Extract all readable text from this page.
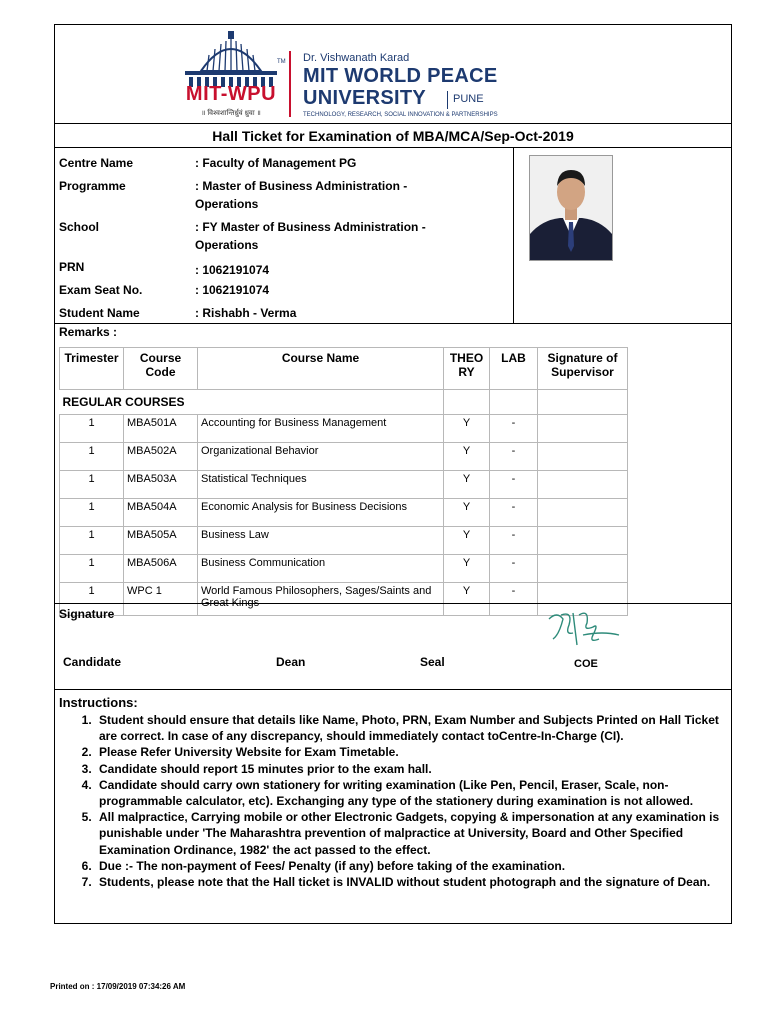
TM
MIT-WPU
॥ विश्वशान्तिर्ध्रुवं ध्रुवा ॥
Dr. Vishwanath Karad
MIT WORLD PEACE
UNIVERSITY PUNE
TECHNOLOGY, RESEARCH, SOCIAL INNOVATION & PARTNERSHIPS
Hall Ticket for Examination of MBA/MCA/Sep-Oct-2019
Centre Name	: Faculty of Management PG
Programme	: Master of Business Administration - Operations
School	: FY Master of Business Administration - Operations
PRN	: 1062191074
Exam Seat No.	: 1062191074
Student Name	: Rishabh - Verma
Remarks :
Trimester	Course Code	Course Name	THEORY	LAB	Signature of Supervisor
REGULAR COURSES					
1	MBA501A	Accounting for Business Management	Y	-	
1	MBA502A	Organizational Behavior	Y	-	
1	MBA503A	Statistical Techniques	Y	-	
1	MBA504A	Economic Analysis for Business Decisions	Y	-	
1	MBA505A	Business Law	Y	-	
1	MBA506A	Business Communication	Y	-	
1	WPC 1	World Famous Philosophers, Sages/Saints and Great Kings	Y	-	
Signature
Candidate	Dean	Seal	COE
Instructions:
1. Student should ensure that details like Name, Photo, PRN, Exam Number and Subjects Printed on Hall Ticket are correct. In case of any discrepancy, should immediately contact toCentre-In-Charge (CI).
2. Please Refer University Website for Exam Timetable.
3. Candidate should report 15 minutes prior to the exam hall.
4. Candidate should carry own stationery for writing examination (Like Pen, Pencil, Eraser, Scale, non-programmable calculator, etc). Exchanging any type of the stationery during examination is not allowed.
5. All malpractice, Carrying mobile or other Electronic Gadgets, copying & impersonation at any examination is punishable under 'The Maharashtra prevention of malpractice at University, Board and Other Specified Examination Ordinance, 1982' the act passed to the effect.
6. Due :- The non-payment of Fees/ Penalty (if any) before taking of the examination.
7. Students, please note that the Hall ticket is INVALID without student photograph and the signature of Dean.
Printed on : 17/09/2019 07:34:26 AM
